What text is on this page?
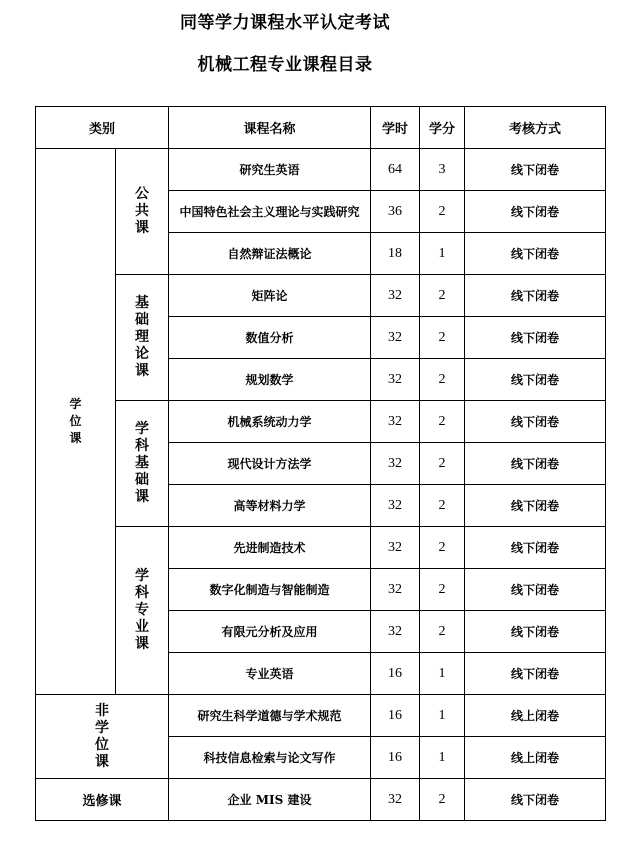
同等学力课程水平认定考试
机械工程专业课程目录
类别		课程名称	学时	学分	考核方式
学位课	公共课	研究生英语	64	3	线下闭卷
		中国特色社会主义理论与实践研究	36	2	线下闭卷
		自然辩证法概论	18	1	线下闭卷
	基础理论课	矩阵论	32	2	线下闭卷
		数值分析	32	2	线下闭卷
		规划数学	32	2	线下闭卷
	学科基础课	机械系统动力学	32	2	线下闭卷
		现代设计方法学	32	2	线下闭卷
		高等材料力学	32	2	线下闭卷
	学科专业课	先进制造技术	32	2	线下闭卷
		数字化制造与智能制造	32	2	线下闭卷
		有限元分析及应用	32	2	线下闭卷
		专业英语	16	1	线下闭卷
非学位课		研究生科学道德与学术规范	16	1	线上闭卷
		科技信息检索与论文写作	16	1	线上闭卷
选修课		企业 MIS 建设	32	2	线下闭卷
